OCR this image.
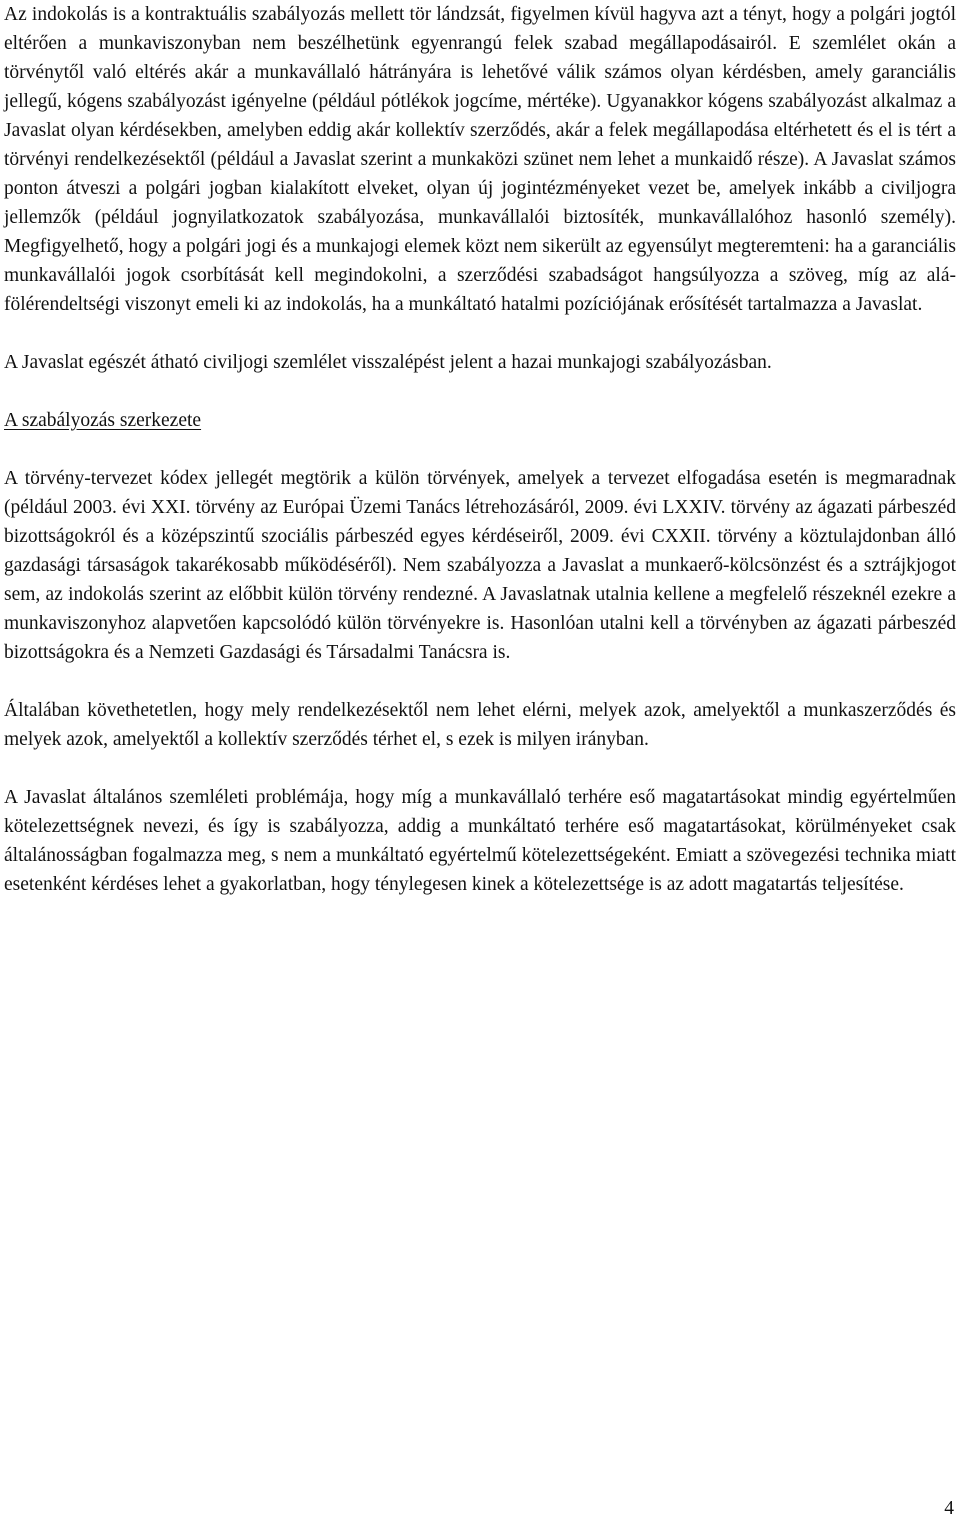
Az indokolás is a kontraktuális szabályozás mellett tör lándzsát, figyelmen kívül hagyva azt a tényt, hogy a polgári jogtól eltérően a munkaviszonyban nem beszélhetünk egyenrangú felek szabad megállapodásairól. E szemlélet okán a törvénytől való eltérés akár a munkavállaló hátrányára is lehetővé válik számos olyan kérdésben, amely garanciális jellegű, kógens szabályozást igényelne (például pótlékok jogcíme, mértéke). Ugyanakkor kógens szabályozást alkalmaz a Javaslat olyan kérdésekben, amelyben eddig akár kollektív szerződés, akár a felek megállapodása eltérhetett és el is tért a törvényi rendelkezésektől (például a Javaslat szerint a munkaközi szünet nem lehet a munkaidő része). A Javaslat számos ponton átveszi a polgári jogban kialakított elveket, olyan új jogintézményeket vezet be, amelyek inkább a civiljogra jellemzők (például jognyilatkozatok szabályozása, munkavállalói biztosíték, munkavállalóhoz hasonló személy). Megfigyelhető, hogy a polgári jogi és a munkajogi elemek közt nem sikerült az egyensúlyt megteremteni: ha a garanciális munkavállalói jogok csorbítását kell megindokolni, a szerződési szabadságot hangsúlyozza a szöveg, míg az alá-fölérendeltségi viszonyt emeli ki az indokolás, ha a munkáltató hatalmi pozíciójának erősítését tartalmazza a Javaslat.

A Javaslat egészét átható civiljogi szemlélet visszalépést jelent a hazai munkajogi szabályozásban.

A szabályozás szerkezete

A törvény-tervezet kódex jellegét megtörik a külön törvények, amelyek a tervezet elfogadása esetén is megmaradnak (például 2003. évi XXI. törvény az Európai Üzemi Tanács létrehozásáról, 2009. évi LXXIV. törvény az ágazati párbeszéd bizottságokról és a középszintű szociális párbeszéd egyes kérdéseiről, 2009. évi CXXII. törvény a köztulajdonban álló gazdasági társaságok takarékosabb működéséről). Nem szabályozza a Javaslat a munkaerő-kölcsönzést és a sztrájkjogot sem, az indokolás szerint az előbbit külön törvény rendezné. A Javaslatnak utalnia kellene a megfelelő részeknél ezekre a munkaviszonyhoz alapvetően kapcsolódó külön törvényekre is. Hasonlóan utalni kell a törvényben az ágazati párbeszéd bizottságokra és a Nemzeti Gazdasági és Társadalmi Tanácsra is.

Általában követhetetlen, hogy mely rendelkezésektől nem lehet elérni, melyek azok, amelyektől a munkaszerződés és melyek azok, amelyektől a kollektív szerződés térhet el, s ezek is milyen irányban.

A Javaslat általános szemléleti problémája, hogy míg a munkavállaló terhére eső magatartásokat mindig egyértelműen kötelezettségnek nevezi, és így is szabályozza, addig a munkáltató terhére eső magatartásokat, körülményeket csak általánosságban fogalmazza meg, s nem a munkáltató egyértelmű kötelezettségeként. Emiatt a szövegezési technika miatt esetenként kérdéses lehet a gyakorlatban, hogy ténylegesen kinek a kötelezettsége is az adott magatartás teljesítése.

4
